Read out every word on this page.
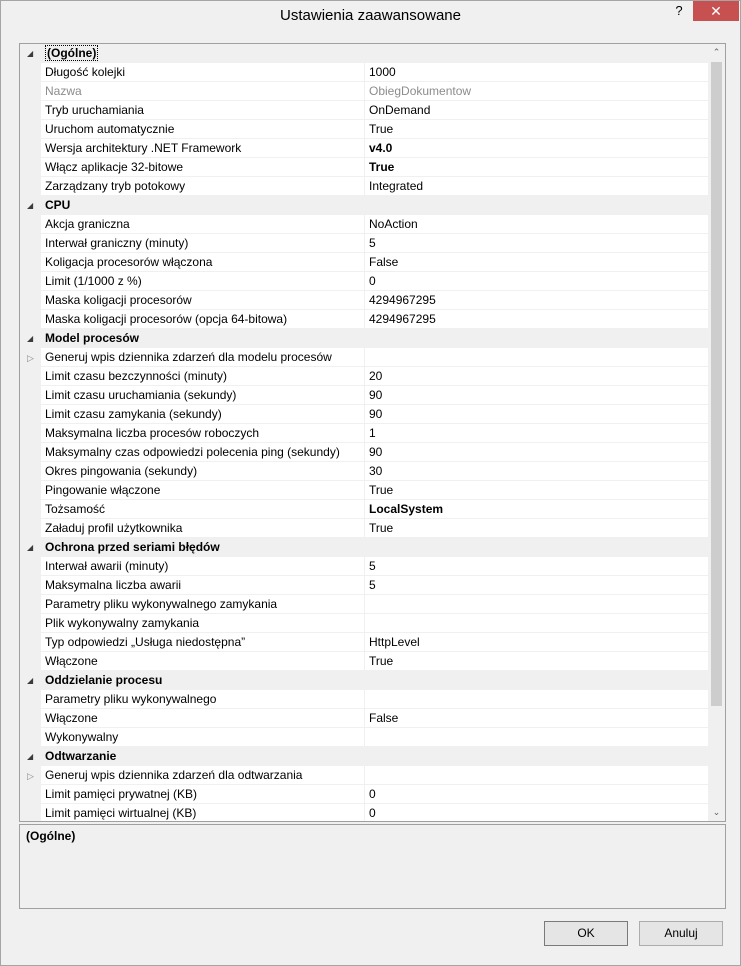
Ustawienia zaawansowane	?	✕
◢	(Ogólne)
Długość kolejki	1000
Nazwa	ObiegDokumentow
Tryb uruchamiania	OnDemand
Uruchom automatycznie	True
Wersja architektury .NET Framework	v4.0
Włącz aplikacje 32-bitowe	True
Zarządzany tryb potokowy	Integrated
◢ CPU
Akcja graniczna	NoAction
Interwał graniczny (minuty)	5
Koligacja procesorów włączona	False
Limit (1/1000 z %)	0
Maska koligacji procesorów	4294967295
Maska koligacji procesorów (opcja 64-bitowa)	4294967295
◢ Model procesów
▷ Generuj wpis dziennika zdarzeń dla modelu procesów
Limit czasu bezczynności (minuty)	20
Limit czasu uruchamiania (sekundy)	90
Limit czasu zamykania (sekundy)	90
Maksymalna liczba procesów roboczych	1
Maksymalny czas odpowiedzi polecenia ping (sekundy)	90
Okres pingowania (sekundy)	30
Pingowanie włączone	True
Tożsamość	LocalSystem
Załaduj profil użytkownika	True
◢ Ochrona przed seriami błędów
Interwał awarii (minuty)	5
Maksymalna liczba awarii	5
Parametry pliku wykonywalnego zamykania
Plik wykonywalny zamykania
Typ odpowiedzi „Usługa niedostępna”	HttpLevel
Włączone	True
◢ Oddzielanie procesu
Parametry pliku wykonywalnego
Włączone	False
Wykonywalny
◢ Odtwarzanie
▷ Generuj wpis dziennika zdarzeń dla odtwarzania
Limit pamięci prywatnej (KB)	0
Limit pamięci wirtualnej (KB)	0
⌃
⌄
(Ogólne)
OK	Anuluj
